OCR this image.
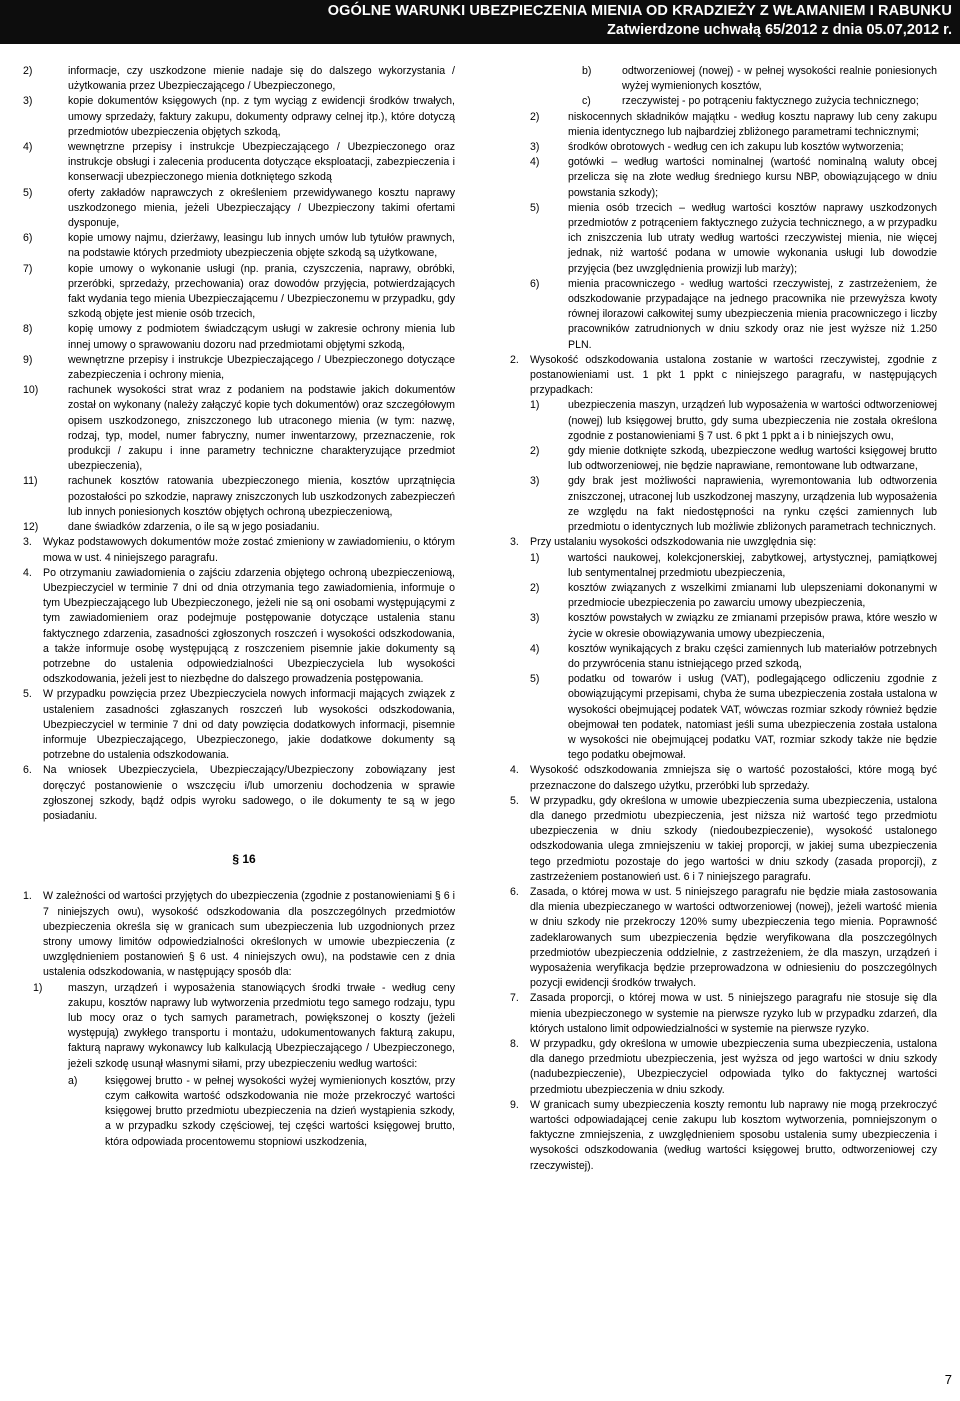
OGÓLNE WARUNKI UBEZPIECZENIA MIENIA OD KRADZIEŻY Z WŁAMANIEM I RABUNKU
Zatwierdzone uchwałą 65/2012 z dnia 05.07,2012 r.
2)	informacje, czy uszkodzone mienie nadaje się do dalszego wykorzystania / użytkowania przez Ubezpieczającego / Ubezpieczonego,
3)	kopie dokumentów księgowych (np. z tym wyciąg z ewidencji środków trwałych, umowy sprzedaży, faktury zakupu, dokumenty odprawy celnej itp.), które dotyczą przedmiotów ubezpieczenia objętych szkodą,
4)	wewnętrzne przepisy i instrukcje Ubezpieczającego / Ubezpieczonego oraz instrukcje obsługi i zalecenia producenta dotyczące eksploatacji, zabezpieczenia i konserwacji ubezpieczonego mienia dotkniętego szkodą
5)	oferty zakładów naprawczych z określeniem przewidywanego kosztu naprawy uszkodzonego mienia, jeżeli Ubezpieczający / Ubezpieczony takimi ofertami dysponuje,
6)	kopie umowy najmu, dzierżawy, leasingu lub innych umów lub tytułów prawnych, na podstawie których przedmioty ubezpieczenia objęte szkodą są użytkowane,
7)	kopie umowy o wykonanie usługi (np. prania, czyszczenia, naprawy, obróbki, przeróbki, sprzedaży, przechowania) oraz dowodów przyjęcia, potwierdzających fakt wydania tego mienia Ubezpieczającemu / Ubezpieczonemu w przypadku, gdy szkodą objęte jest mienie osób trzecich,
8)	kopię umowy z podmiotem świadczącym usługi w zakresie ochrony mienia lub innej umowy o sprawowaniu dozoru nad przedmiotami objętymi szkodą,
9)	wewnętrzne przepisy i instrukcje Ubezpieczającego / Ubezpieczonego dotyczące zabezpieczenia i ochrony mienia,
10)	rachunek wysokości strat wraz z podaniem na podstawie jakich dokumentów został on wykonany (należy załączyć kopie tych dokumentów) oraz szczegółowym opisem uszkodzonego, zniszczonego lub utraconego mienia (w tym: nazwę, rodzaj, typ, model, numer fabryczny, numer inwentarzowy, przeznaczenie, rok produkcji / zakupu i inne parametry techniczne charakteryzujące przedmiot ubezpieczenia),
11)	rachunek kosztów ratowania ubezpieczonego mienia, kosztów uprzątnięcia pozostałości po szkodzie, naprawy zniszczonych lub uszkodzonych zabezpieczeń lub innych poniesionych kosztów objętych ochroną ubezpieczeniową,
12)	dane świadków zdarzenia, o ile są w jego posiadaniu.
3. Wykaz podstawowych dokumentów może zostać zmieniony w zawiadomieniu, o którym mowa w ust. 4 niniejszego paragrafu.
4. Po otrzymaniu zawiadomienia o zajściu zdarzenia objętego ochroną ubezpieczeniową, Ubezpieczyciel w terminie 7 dni od dnia otrzymania tego zawiadomienia, informuje o tym Ubezpieczającego lub Ubezpieczonego, jeżeli nie są oni osobami występującymi z tym zawiadomieniem oraz podejmuje postępowanie dotyczące ustalenia stanu faktycznego zdarzenia, zasadności zgłoszonych roszczeń i wysokości odszkodowania, a także informuje osobę występującą z roszczeniem pisemnie jakie dokumenty są potrzebne do ustalenia odpowiedzialności Ubezpieczyciela lub wysokości odszkodowania, jeżeli jest to niezbędne do dalszego prowadzenia postępowania.
5. W przypadku powzięcia przez Ubezpieczyciela nowych informacji mających związek z ustaleniem zasadności zgłaszanych roszczeń lub wysokości odszkodowania, Ubezpieczyciel w terminie 7 dni od daty powzięcia dodatkowych informacji, pisemnie informuje Ubezpieczającego, Ubezpieczonego, jakie dodatkowe dokumenty są potrzebne do ustalenia odszkodowania.
6. Na wniosek Ubezpieczyciela, Ubezpieczający/Ubezpieczony zobowiązany jest doręczyć postanowienie o wszczęciu i/lub umorzeniu dochodzenia w sprawie zgłoszonej szkody, bądź odpis wyroku sadowego, o ile dokumenty te są w jego posiadaniu.
§ 16
1. W zależności od wartości przyjętych do ubezpieczenia (zgodnie z postanowieniami § 6 i 7 niniejszych owu), wysokość odszkodowania dla poszczególnych przedmiotów ubezpieczenia określa się w granicach sum ubezpieczenia lub uzgodnionych przez strony umowy limitów odpowiedzialności określonych w umowie ubezpieczenia (z uwzględnieniem postanowień § 6 ust. 4 niniejszych owu), na podstawie cen z dnia ustalenia odszkodowania, w następujący sposób dla:
1) maszyn, urządzeń i wyposażenia stanowiących środki trwałe - według ceny zakupu, kosztów naprawy lub wytworzenia przedmiotu tego samego rodzaju, typu lub mocy oraz o tych samych parametrach, powiększonej o koszty (jeżeli występują) zwykłego transportu i montażu, udokumentowanych fakturą zakupu, fakturą naprawy wykonawcy lub kalkulacją Ubezpieczającego / Ubezpieczonego, jeżeli szkodę usunął własnymi siłami, przy ubezpieczeniu według wartości:
a)	księgowej brutto - w pełnej wysokości wyżej wymienionych kosztów, przy czym całkowita wartość odszkodowania nie może przekroczyć wartości księgowej brutto przedmiotu ubezpieczenia na dzień wystąpienia szkody, a w przypadku szkody częściowej, tej części wartości księgowej brutto, która odpowiada procentowemu stopniowi uszkodzenia,
b)	odtworzeniowej (nowej) - w pełnej wysokości realnie poniesionych wyżej wymienionych kosztów,
c)	rzeczywistej - po potrąceniu faktycznego zużycia technicznego;
2)	niskocennych składników majątku - według kosztu naprawy lub ceny zakupu mienia identycznego lub najbardziej zbliżonego parametrami technicznymi;
3)	środków obrotowych - według cen ich zakupu lub kosztów wytworzenia;
4)	gotówki – według wartości nominalnej (wartość nominalną waluty obcej przelicza się na złote według średniego kursu NBP, obowiązującego w dniu powstania szkody);
5)	mienia osób trzecich – według wartości kosztów naprawy uszkodzonych przedmiotów z potrąceniem faktycznego zużycia technicznego, a w przypadku ich zniszczenia lub utraty według wartości rzeczywistej mienia, nie więcej jednak, niż wartość podana w umowie wykonania usługi lub dowodzie przyjęcia (bez uwzględnienia prowizji lub marży);
6)	mienia pracowniczego - według wartości rzeczywistej, z zastrzeżeniem, że odszkodowanie przypadające na jednego pracownika nie przewyższa kwoty równej ilorazowi całkowitej sumy ubezpieczenia mienia pracowniczego i liczby pracowników zatrudnionych w dniu szkody oraz nie jest wyższe niż 1.250 PLN.
2. Wysokość odszkodowania ustalona zostanie w wartości rzeczywistej, zgodnie z postanowieniami ust. 1 pkt 1 ppkt c niniejszego paragrafu, w następujących przypadkach:
1)	ubezpieczenia maszyn, urządzeń lub wyposażenia w wartości odtworzeniowej (nowej) lub księgowej brutto, gdy suma ubezpieczenia nie została określona zgodnie z postanowieniami § 7 ust. 6 pkt 1 ppkt a i b niniejszych owu,
2)	gdy mienie dotknięte szkodą, ubezpieczone według wartości księgowej brutto lub odtworzeniowej, nie będzie naprawiane, remontowane lub odtwarzane,
3)	gdy brak jest możliwości naprawienia, wyremontowania lub odtworzenia zniszczonej, utraconej lub uszkodzonej maszyny, urządzenia lub wyposażenia ze względu na fakt niedostępności na rynku części zamiennych lub przedmiotu o identycznych lub możliwie zbliżonych parametrach technicznych.
3. Przy ustalaniu wysokości odszkodowania nie uwzględnia się:
1)	wartości naukowej, kolekcjonerskiej, zabytkowej, artystycznej, pamiątkowej lub sentymentalnej przedmiotu ubezpieczenia,
2)	kosztów związanych z wszelkimi zmianami lub ulepszeniami dokonanymi w przedmiocie ubezpieczenia po zawarciu umowy ubezpieczenia,
3)	kosztów powstałych w związku ze zmianami przepisów prawa, które weszło w życie w okresie obowiązywania umowy ubezpieczenia,
4)	kosztów wynikających z braku części zamiennych lub materiałów potrzebnych do przywrócenia stanu istniejącego przed szkodą,
5)	podatku od towarów i usług (VAT), podlegającego odliczeniu zgodnie z obowiązującymi przepisami, chyba że suma ubezpieczenia została ustalona w wysokości obejmującej podatek VAT, wówczas rozmiar szkody również będzie obejmował ten podatek, natomiast jeśli suma ubezpieczenia została ustalona w wysokości nie obejmującej podatku VAT, rozmiar szkody także nie będzie tego podatku obejmował.
4. Wysokość odszkodowania zmniejsza się o wartość pozostałości, które mogą być przeznaczone do dalszego użytku, przeróbki lub sprzedaży.
5. W przypadku, gdy określona w umowie ubezpieczenia suma ubezpieczenia, ustalona dla danego przedmiotu ubezpieczenia, jest niższa niż wartość tego przedmiotu ubezpieczenia w dniu szkody (niedoubezpieczenie), wysokość ustalonego odszkodowania ulega zmniejszeniu w takiej proporcji, w jakiej suma ubezpieczenia tego przedmiotu pozostaje do jego wartości w dniu szkody (zasada proporcji), z zastrzeżeniem postanowień ust. 6 i 7 niniejszego paragrafu.
6. Zasada, o której mowa w ust. 5 niniejszego paragrafu nie będzie miała zastosowania dla mienia ubezpieczanego w wartości odtworzeniowej (nowej), jeżeli wartość mienia w dniu szkody nie przekroczy 120% sumy ubezpieczenia tego mienia. Poprawność zadeklarowanych sum ubezpieczenia będzie weryfikowana dla poszczególnych przedmiotów ubezpieczenia oddzielnie, z zastrzeżeniem, że dla maszyn, urządzeń i wyposażenia weryfikacja będzie przeprowadzona w odniesieniu do poszczególnych pozycji ewidencji środków trwałych.
7. Zasada proporcji, o której mowa w ust. 5 niniejszego paragrafu nie stosuje się dla mienia ubezpieczonego w systemie na pierwsze ryzyko lub w przypadku zdarzeń, dla których ustalono limit odpowiedzialności w systemie na pierwsze ryzyko.
8. W przypadku, gdy określona w umowie ubezpieczenia suma ubezpieczenia, ustalona dla danego przedmiotu ubezpieczenia, jest wyższa od jego wartości w dniu szkody (nadubezpieczenie), Ubezpieczyciel odpowiada tylko do faktycznej wartości przedmiotu ubezpieczenia w dniu szkody.
9. W granicach sumy ubezpieczenia koszty remontu lub naprawy nie mogą przekroczyć wartości odpowiadającej cenie zakupu lub kosztom wytworzenia, pomniejszonym o faktyczne zmniejszenia, z uwzględnieniem sposobu ustalenia sumy ubezpieczenia i wysokości odszkodowania (według wartości księgowej brutto, odtworzeniowej czy rzeczywistej).
7
